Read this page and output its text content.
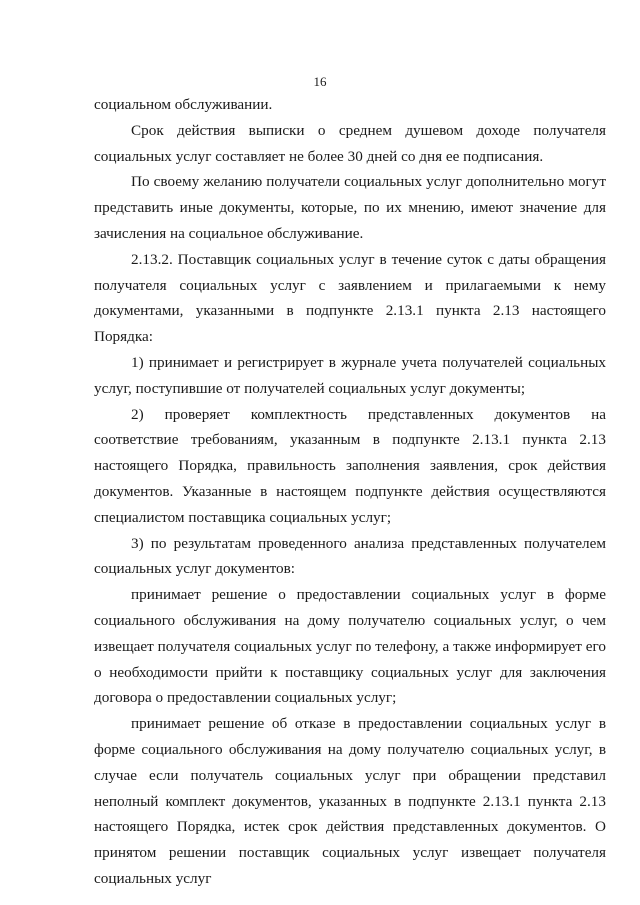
16

социальном обслуживании.

Срок действия выписки о среднем душевом доходе получателя социальных услуг составляет не более 30 дней со дня ее подписания.

По своему желанию получатели социальных услуг дополнительно могут представить иные документы, которые, по их мнению, имеют значение для зачисления на социальное обслуживание.

2.13.2. Поставщик социальных услуг в течение суток с даты обращения получателя социальных услуг с заявлением и прилагаемыми к нему документами, указанными в подпункте 2.13.1 пункта 2.13 настоящего Порядка:

1) принимает и регистрирует в журнале учета получателей социальных услуг, поступившие от получателей социальных услуг документы;

2) проверяет комплектность представленных документов на соответствие требованиям, указанным в подпункте 2.13.1 пункта 2.13 настоящего Порядка, правильность заполнения заявления, срок действия документов. Указанные в настоящем подпункте действия осуществляются специалистом поставщика социальных услуг;

3) по результатам проведенного анализа представленных получателем социальных услуг документов:

принимает решение о предоставлении социальных услуг в форме социального обслуживания на дому получателю социальных услуг, о чем извещает получателя социальных услуг по телефону, а также информирует его о необходимости прийти к поставщику социальных услуг для заключения договора о предоставлении социальных услуг;

принимает решение об отказе в предоставлении социальных услуг в форме социального обслуживания на дому получателю социальных услуг, в случае если получатель социальных услуг при обращении представил неполный комплект документов, указанных в подпункте 2.13.1 пункта 2.13 настоящего Порядка, истек срок действия представленных документов. О принятом решении поставщик социальных услуг извещает получателя социальных услуг
